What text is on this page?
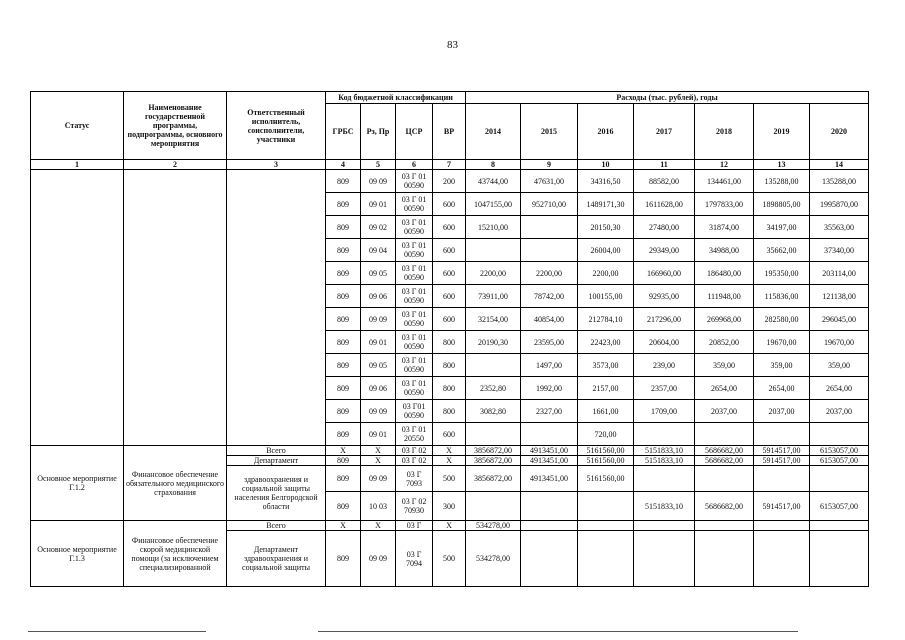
83
Статус	Наименование государственной программы, подпрограммы, основного мероприятия	Ответственный исполнитель, соисполнители, участники	Код бюджетной классификации				Расходы (тыс. рублей), годы						
			ГРБС	Рз, Пр	ЦСР	ВР	2014	2015	2016	2017	2018	2019	2020
1	2	3	4	5	6	7	8	9	10	11	12	13	14
			809	09 09	03 Г 01 00590	200	43744,00	47631,00	34316,50	88582,00	134461,00	135288,00	135288,00
			809	09 01	03 Г 01 00590	600	1047155,00	952710,00	1489171,30	1611628,00	1797833,00	1898805,00	1995870,00
			809	09 02	03 Г 01 00590	600	15210,00		20150,30	27480,00	31874,00	34197,00	35563,00
			809	09 04	03 Г 01 00590	600			26004,00	29349,00	34988,00	35662,00	37340,00
			809	09 05	03 Г 01 00590	600	2200,00	2200,00	2200,00	166960,00	186480,00	195350,00	203114,00
			809	09 06	03 Г 01 00590	600	73911,00	78742,00	100155,00	92935,00	111948,00	115836,00	121138,00
			809	09 09	03 Г 01 00590	600	32154,00	40854,00	212784,10	217296,00	269968,00	282580,00	296045,00
			809	09 01	03 Г 01 00590	800	20190,30	23595,00	22423,00	20604,00	20852,00	19670,00	19670,00
			809	09 05	03 Г 01 00590	800		1497,00	3573,00	239,00	359,00	359,00	359,00
			809	09 06	03 Г 01 00590	800	2352,80	1992,00	2157,00	2357,00	2654,00	2654,00	2654,00
			809	09 09	03 Г01 00590	800	3082,80	2327,00	1661,00	1709,00	2037,00	2037,00	2037,00
			809	09 01	03 Г 01 20550	600			720,00				
Основное мероприятие Г.1.2	Финансовое обеспечение обязательного медицинского страхования	Всего	X	X	03 Г 02	X	3856872,00	4913451,00	5161560,00	5151833,10	5686682,00	5914517,00	6153057,00
		Департамент	809	X	03 Г 02	X	3856872,00	4913451,00	5161560,00	5151833,10	5686682,00	5914517,00	6153057,00
		здравоохранения и социальной защиты населения Белгородской области	809	09 09	03 Г 7093	500	3856872,00	4913451,00	5161560,00				
			809	10 03	03 Г 02 70930	300				5151833,10	5686682,00	5914517,00	6153057,00
Основное мероприятие Г.1.3	Финансовое обеспечение скорой медицинской помощи (за исключением специализированной	Всего	X	X	03 Г	X	534278,00						
		Департамент здравоохранения и социальной защиты	809	09 09	03 Г 7094	500	534278,00						
